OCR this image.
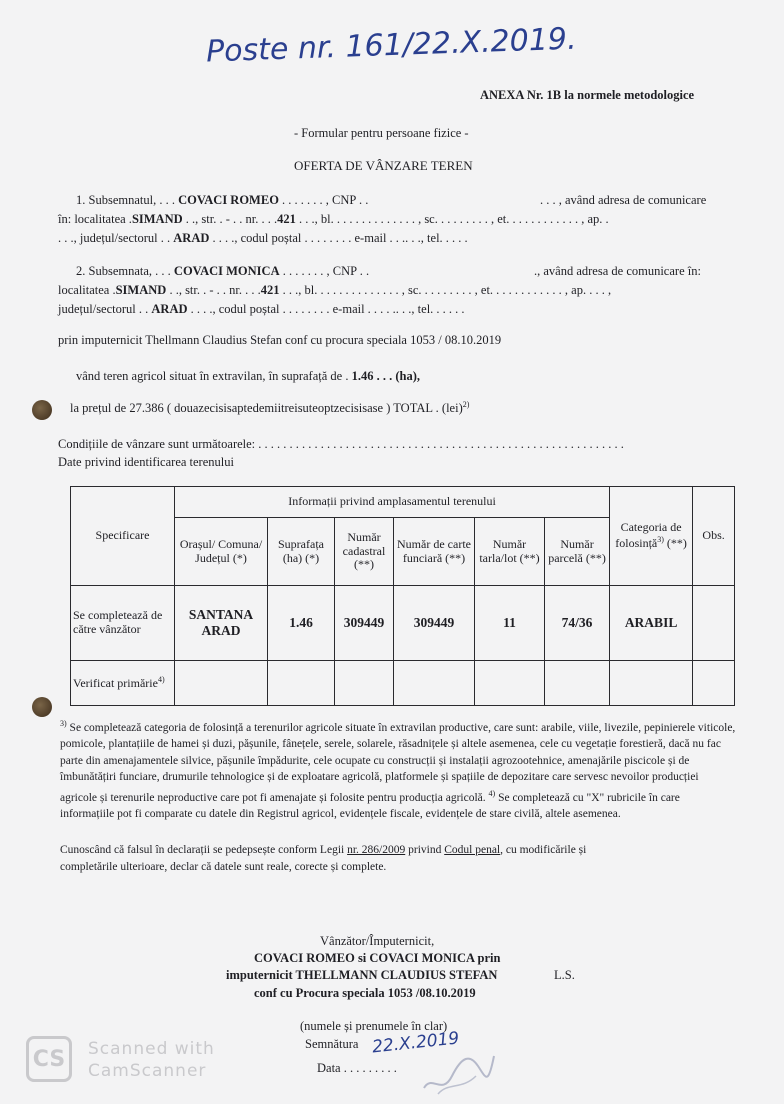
Poste nr. 161/22.X.2019.
ANEXA Nr. 1B la normele metodologice
- Formular pentru persoane fizice -
OFERTA DE VÂNZARE TEREN
1. Subsemnatul, . . . COVACI ROMEO . . . . . . . , CNP . .	. . . , având adresa de comunicare
în: localitatea .SIMAND . ., str. . - . . nr. . . .421 . . ., bl. . . . . . . . . . . . . . , sc. . . . . . . . . , et. . . . . . . . . . . . , ap. .
. . ., județul/sectorul . . ARAD . . . ., codul poștal . . . . . . . . e-mail . . .. . ., tel. . . . .
2. Subsemnata, . . . COVACI MONICA . . . . . . . , CNP . .	., având adresa de comunicare în:
localitatea .SIMAND . ., str. . - . . nr. . . .421 . . ., bl. . . . . . . . . . . . . . , sc. . . . . . . . . , et. . . . . . . . . . . . , ap. . . . ,
județul/sectorul . . ARAD . . . ., codul poștal . . . . . . . . e-mail . . . . .. . ., tel. . . . . .
prin imputernicit Thellmann Claudius Stefan conf cu procura speciala 1053 / 08.10.2019
vând teren agricol situat în extravilan, în suprafață de . 1.46 . . . (ha),
la prețul de 27.386 ( douazecisisaptedemiitreisuteoptzecisisase ) TOTAL . (lei)$^{2)}$
Condițiile de vânzare sunt următoarele: . . . . . . . . . . . . . . . . . . . . . . . . . . . . . . . . . . . . . . . . . . . . . . . . . . . . . . . . . . .
Date privind identificarea terenului
Specificare	Informații privind amplasamentul terenului						Categoria de folosință$^{3)}$ (**)	Obs.
	Orașul/ Comuna/ Județul (*)	Suprafața (ha) (*)	Număr cadastral (**)	Număr de carte funciară (**)	Număr tarla/lot (**)	Număr parcelă (**)		
Se completează de către vânzător	SANTANA ARAD	1.46	309449	309449	11	74/36	ARABIL	
Verificat primărie$^{4)}$								
$^{3)}$ Se completează categoria de folosință a terenurilor agricole situate în extravilan productive, care sunt: arabile, viile, livezile, pepinierele viticole, pomicole, plantațiile de hamei și duzi, pășunile, fânețele, serele, solarele, răsadnițele și altele asemenea, cele cu vegetație forestieră, dacă nu fac parte din amenajamentele silvice, pășunile împădurite, cele ocupate cu construcții și instalații agrozootehnice, amenajările piscicole și de îmbunătățiri funciare, drumurile tehnologice și de exploatare agricolă, platformele și spațiile de depozitare care servesc nevoilor producției agricole și terenurile neproductive care pot fi amenajate și folosite pentru producția agricolă. $^{4)}$ Se completează cu "X" rubricile în care informațiile pot fi comparate cu datele din Registrul agricol, evidențele fiscale, evidențele de stare civilă, altele asemenea.
Cunoscând că falsul în declarații se pedepsește conform Legii nr. 286/2009 privind Codul penal, cu modificările și
completările ulterioare, declar că datele sunt reale, corecte și complete.
Vânzător/Împuternicit,
COVACI ROMEO si COVACI MONICA prin
imputernicit THELLMANN CLAUDIUS STEFAN	L.S.
conf cu Procura speciala 1053 /08.10.2019
(numele și prenumele în clar)
Semnătura 22.X.2019
Data . . . . . . . . .
CS	Scanned with
CamScanner
